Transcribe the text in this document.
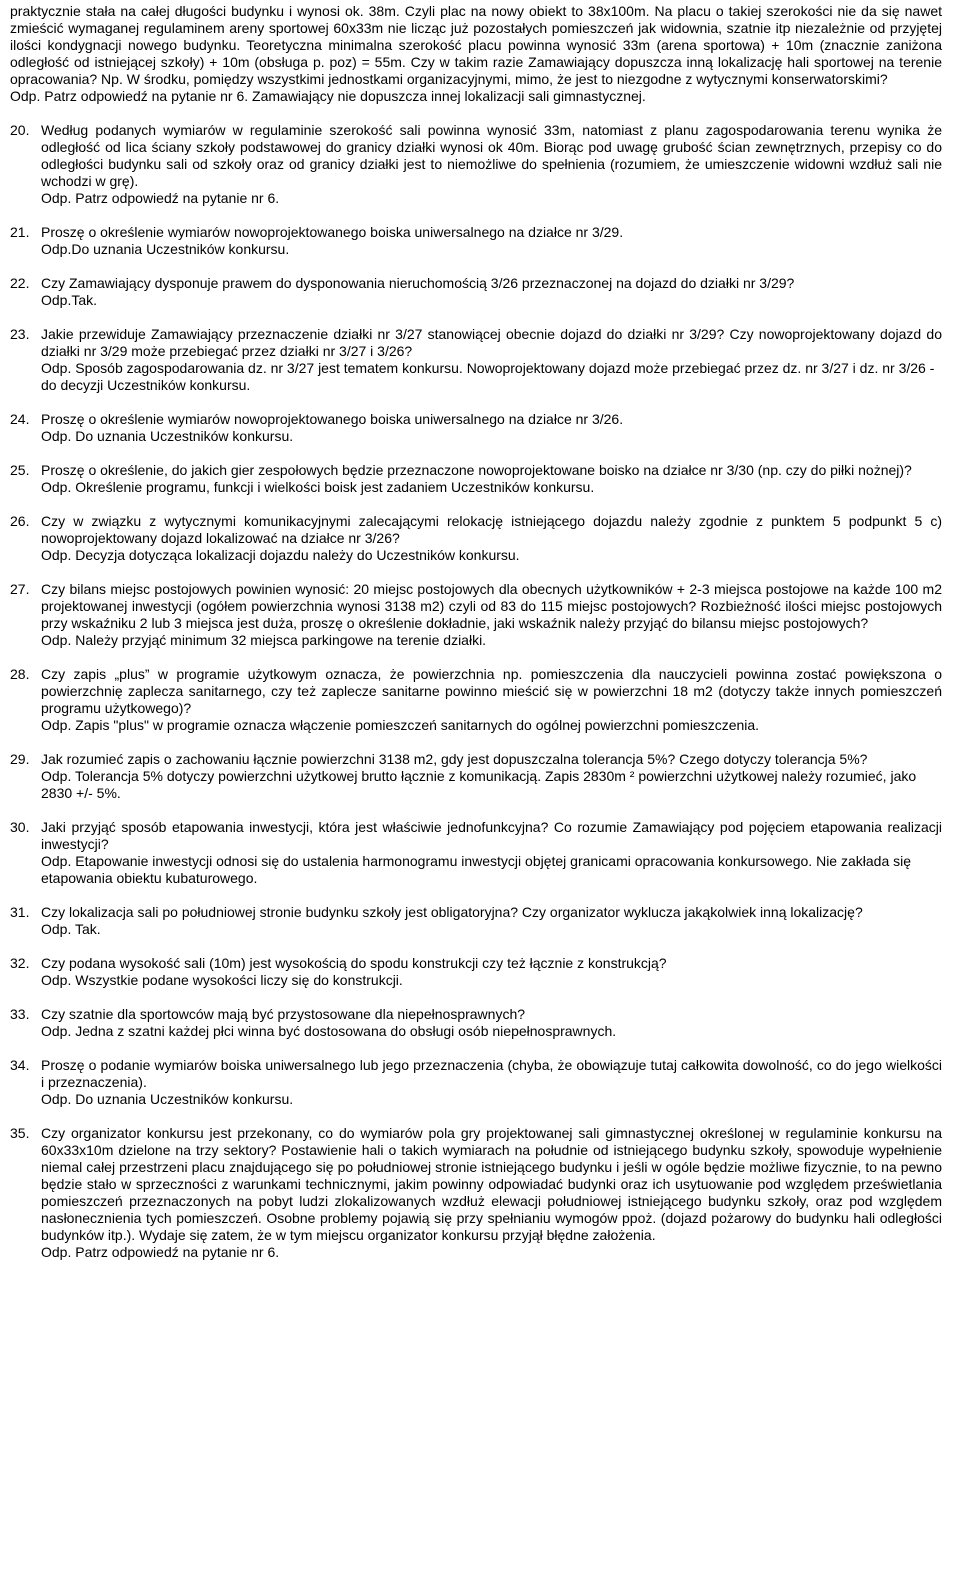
praktycznie stała na całej długości budynku i wynosi ok. 38m. Czyli plac na nowy obiekt to 38x100m. Na placu o takiej szerokości nie da się nawet zmieścić wymaganej regulaminem areny sportowej 60x33m nie licząc już pozostałych pomieszczeń jak widownia, szatnie itp niezależnie od przyjętej ilości kondygnacji nowego budynku. Teoretyczna minimalna szerokość placu powinna wynosić 33m (arena sportowa) + 10m (znacznie zaniżona odległość od istniejącej szkoły) + 10m (obsługa p. poz) = 55m. Czy w takim razie Zamawiający dopuszcza inną lokalizację hali sportowej na terenie opracowania? Np. W środku, pomiędzy wszystkimi jednostkami organizacyjnymi, mimo, że jest to niezgodne z wytycznymi konserwatorskimi?

Odp. Patrz odpowiedź na pytanie nr 6. Zamawiający nie dopuszcza innej lokalizacji sali gimnastycznej.

20. Według podanych wymiarów w regulaminie szerokość sali powinna wynosić 33m, natomiast z planu zagospodarowania terenu wynika że odległość od lica ściany szkoły podstawowej do granicy działki wynosi ok 40m. Biorąc pod uwagę grubość ścian zewnętrznych, przepisy co do odległości budynku sali od szkoły oraz od granicy działki jest to niemożliwe do spełnienia (rozumiem, że umieszczenie widowni wzdłuż sali nie wchodzi w grę).

Odp. Patrz odpowiedź na pytanie nr 6.

21. Proszę o określenie wymiarów nowoprojektowanego boiska uniwersalnego na działce nr 3/29.

Odp.Do uznania Uczestników konkursu.

22. Czy Zamawiający dysponuje prawem do dysponowania nieruchomością 3/26 przeznaczonej na dojazd do działki nr 3/29?

Odp.Tak.

23. Jakie przewiduje Zamawiający przeznaczenie działki nr 3/27 stanowiącej obecnie dojazd do działki nr 3/29? Czy nowoprojektowany dojazd do działki nr 3/29 może przebiegać przez działki nr 3/27 i 3/26?

Odp. Sposób zagospodarowania dz. nr 3/27 jest tematem konkursu. Nowoprojektowany dojazd może przebiegać przez dz. nr 3/27 i dz. nr 3/26 - do decyzji Uczestników konkursu.

24. Proszę o określenie wymiarów nowoprojektowanego boiska uniwersalnego na działce nr 3/26.

Odp. Do uznania Uczestników konkursu.

25. Proszę o określenie, do jakich gier zespołowych będzie przeznaczone nowoprojektowane boisko na działce nr 3/30 (np. czy do piłki nożnej)?

Odp. Określenie programu, funkcji i wielkości boisk jest zadaniem Uczestników konkursu.

26. Czy w związku z wytycznymi komunikacyjnymi zalecającymi relokację istniejącego dojazdu należy zgodnie z punktem 5 podpunkt 5 c) nowoprojektowany dojazd lokalizować na działce nr 3/26?

Odp. Decyzja dotycząca lokalizacji dojazdu należy do Uczestników konkursu.

27. Czy bilans miejsc postojowych powinien wynosić: 20 miejsc postojowych dla obecnych użytkowników + 2-3 miejsca postojowe na każde 100 m2 projektowanej inwestycji (ogółem powierzchnia wynosi 3138 m2) czyli od 83 do 115 miejsc postojowych? Rozbieżność ilości miejsc postojowych przy wskaźniku 2 lub 3 miejsca jest duża, proszę o określenie dokładnie, jaki wskaźnik należy przyjąć do bilansu miejsc postojowych?

Odp. Należy przyjąć minimum 32 miejsca parkingowe na terenie działki.

28. Czy zapis „plus” w programie użytkowym oznacza, że powierzchnia np. pomieszczenia dla nauczycieli powinna zostać powiększona o powierzchnię zaplecza sanitarnego, czy też zaplecze sanitarne powinno mieścić się w powierzchni 18 m2 (dotyczy także innych pomieszczeń programu użytkowego)?

Odp. Zapis "plus" w programie oznacza włączenie pomieszczeń sanitarnych do ogólnej powierzchni pomieszczenia.

29. Jak rozumieć zapis o zachowaniu łącznie powierzchni 3138 m2, gdy jest dopuszczalna tolerancja 5%? Czego dotyczy tolerancja 5%?

Odp. Tolerancja 5% dotyczy powierzchni użytkowej brutto łącznie z komunikacją. Zapis 2830m ² powierzchni użytkowej należy rozumieć, jako 2830 +/- 5%.

30. Jaki przyjąć sposób etapowania inwestycji, która jest właściwie jednofunkcyjna? Co rozumie Zamawiający pod pojęciem etapowania realizacji inwestycji?

Odp. Etapowanie inwestycji odnosi się do ustalenia harmonogramu inwestycji objętej granicami opracowania konkursowego. Nie zakłada się etapowania obiektu kubaturowego.

31. Czy lokalizacja sali po południowej stronie budynku szkoły jest obligatoryjna? Czy organizator wyklucza jakąkolwiek inną lokalizację?

Odp. Tak.

32. Czy podana wysokość sali (10m) jest wysokością do spodu konstrukcji czy też łącznie z konstrukcją?

Odp. Wszystkie podane wysokości liczy się do konstrukcji.

33. Czy szatnie dla sportowców mają być przystosowane dla niepełnosprawnych?

Odp. Jedna z szatni każdej płci winna być dostosowana do obsługi osób niepełnosprawnych.

34. Proszę o podanie wymiarów boiska uniwersalnego lub jego przeznaczenia (chyba, że obowiązuje tutaj całkowita dowolność, co do jego wielkości i przeznaczenia).

Odp. Do uznania Uczestników konkursu.

35. Czy organizator konkursu jest przekonany, co do wymiarów pola gry projektowanej sali gimnastycznej określonej w regulaminie konkursu na 60x33x10m dzielone na trzy sektory? Postawienie hali o takich wymiarach na południe od istniejącego budynku szkoły, spowoduje wypełnienie niemal całej przestrzeni placu znajdującego się po południowej stronie istniejącego budynku i jeśli w ogóle będzie możliwe fizycznie, to na pewno będzie stało w sprzeczności z warunkami technicznymi, jakim powinny odpowiadać budynki oraz ich usytuowanie pod względem prześwietlania pomieszczeń przeznaczonych na pobyt ludzi zlokalizowanych wzdłuż elewacji południowej istniejącego budynku szkoły, oraz pod względem nasłonecznienia tych pomieszczeń. Osobne problemy pojawią się przy spełnianiu wymogów ppoż. (dojazd pożarowy do budynku hali odległości budynków itp.). Wydaje się zatem, że w tym miejscu organizator konkursu przyjął błędne założenia.

Odp. Patrz odpowiedź na pytanie nr 6.
